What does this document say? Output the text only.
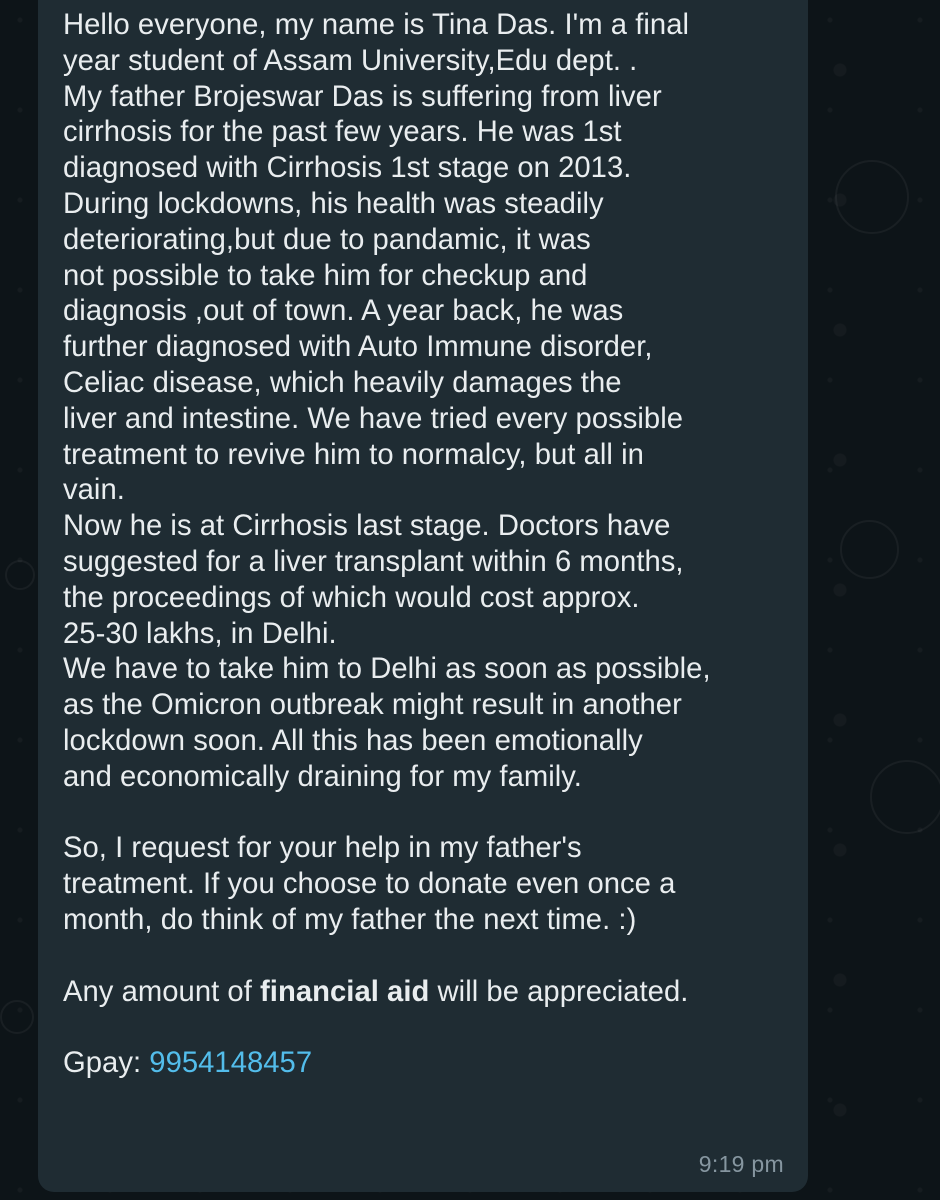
Hello everyone, my name is Tina Das. I'm a final
year student of Assam University,Edu dept. .
My father Brojeswar Das is suffering from liver
cirrhosis for the past few years. He was 1st
diagnosed with Cirrhosis 1st stage on 2013.
During lockdowns, his health was steadily
deteriorating,but due to pandamic, it was
not possible to take him for checkup and
diagnosis ,out of town. A year back, he was
further diagnosed with Auto Immune disorder,
Celiac disease, which heavily damages the
liver and intestine. We have tried every possible
treatment to revive him to normalcy, but all in
vain.
Now he is at Cirrhosis last stage. Doctors have
suggested for a liver transplant within 6 months,
the proceedings of which would cost approx.
25-30 lakhs, in Delhi.
We have to take him to Delhi as soon as possible,
as the Omicron outbreak might result in another
lockdown soon. All this has been emotionally
and economically draining for my family.

So, I request for your help in my father's
treatment. If you choose to donate even once a
month, do think of my father the next time. :)

Any amount of financial aid will be appreciated.

Gpay: 9954148457

9:19 pm
